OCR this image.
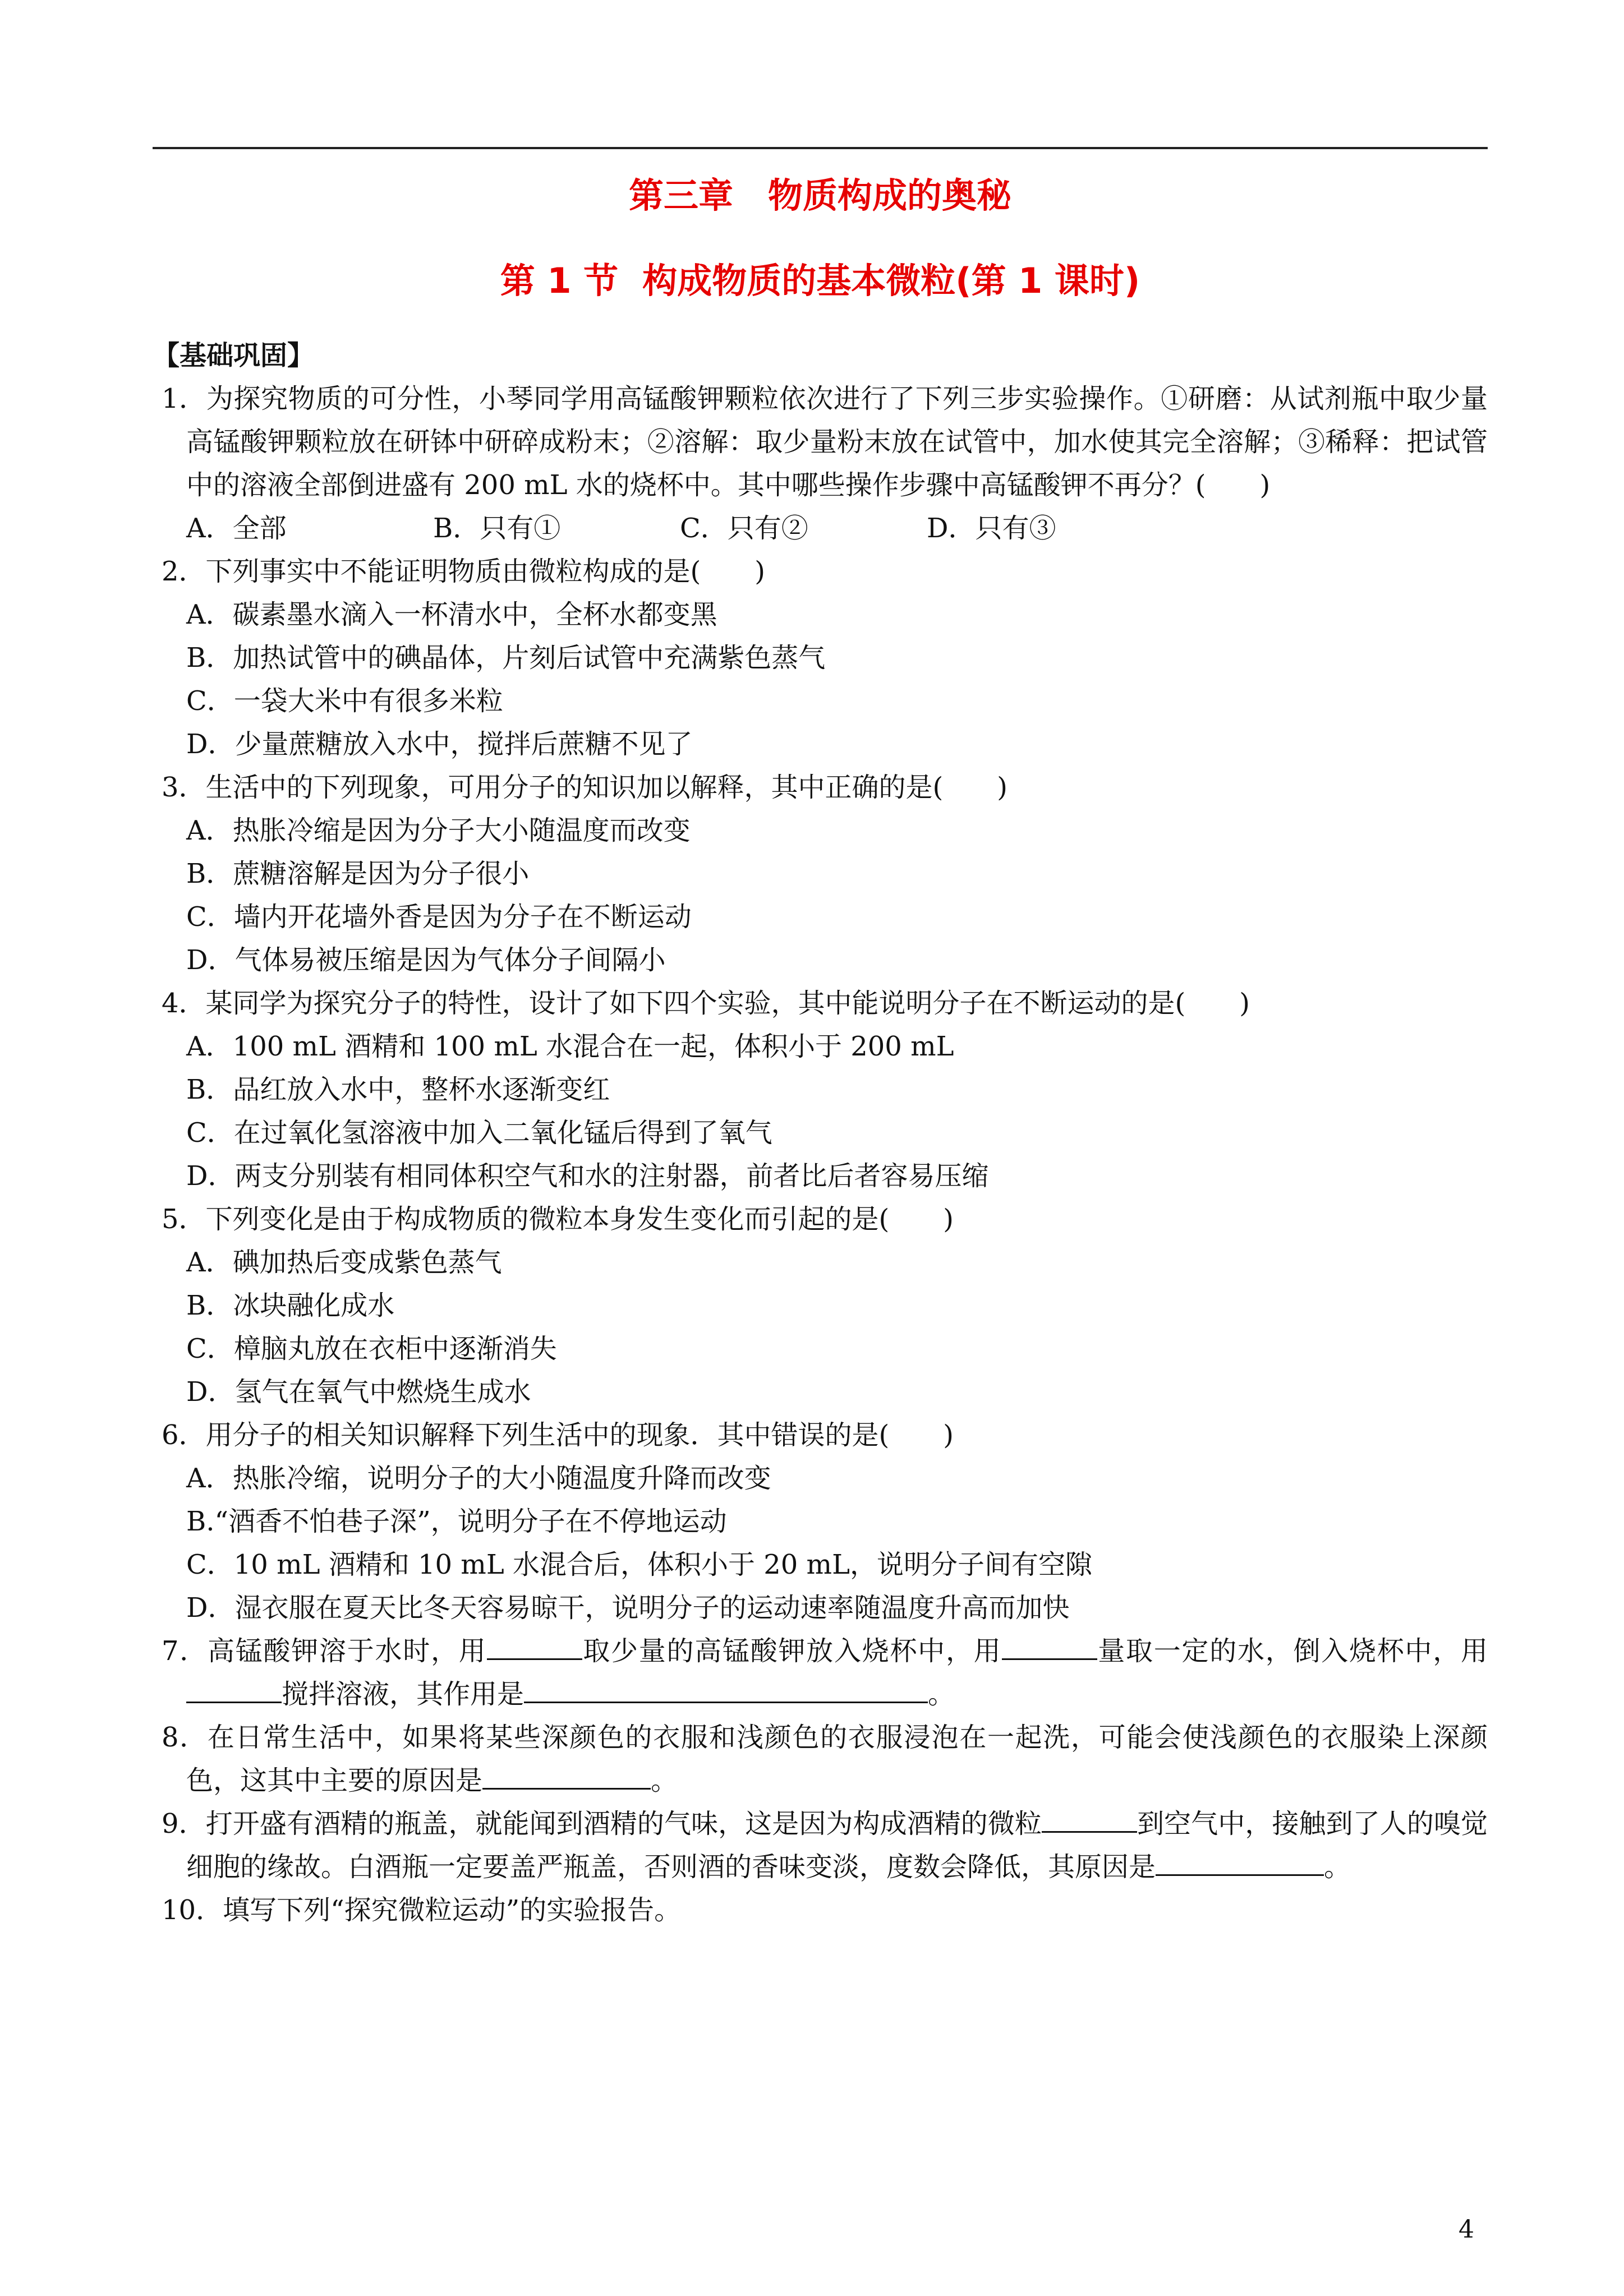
第三章　物质构成的奥秘
第 1 节  构成物质的基本微粒(第 1 课时)
【基础巩固】
1．为探究物质的可分性，小琴同学用高锰酸钾颗粒依次进行了下列三步实验操作。①研磨：从试剂瓶中取少量高锰酸钾颗粒放在研钵中研碎成粉末；②溶解：取少量粉末放在试管中，加水使其完全溶解；③稀释：把试管中的溶液全部倒进盛有 200 mL 水的烧杯中。其中哪些操作步骤中高锰酸钾不再分？(　　)
A．全部	B．只有①	C．只有②	D．只有③
2．下列事实中不能证明物质由微粒构成的是(　　)
A．碳素墨水滴入一杯清水中，全杯水都变黑
B．加热试管中的碘晶体，片刻后试管中充满紫色蒸气
C．一袋大米中有很多米粒
D．少量蔗糖放入水中，搅拌后蔗糖不见了
3．生活中的下列现象，可用分子的知识加以解释，其中正确的是(　　)
A．热胀冷缩是因为分子大小随温度而改变
B．蔗糖溶解是因为分子很小
C．墙内开花墙外香是因为分子在不断运动
D．气体易被压缩是因为气体分子间隔小
4．某同学为探究分子的特性，设计了如下四个实验，其中能说明分子在不断运动的是(　　)
A．100 mL 酒精和 100 mL 水混合在一起，体积小于 200 mL
B．品红放入水中，整杯水逐渐变红
C．在过氧化氢溶液中加入二氧化锰后得到了氧气
D．两支分别装有相同体积空气和水的注射器，前者比后者容易压缩
5．下列变化是由于构成物质的微粒本身发生变化而引起的是(　　)
A．碘加热后变成紫色蒸气
B．冰块融化成水
C．樟脑丸放在衣柜中逐渐消失
D．氢气在氧气中燃烧生成水
6．用分子的相关知识解释下列生活中的现象．其中错误的是(　　)
A．热胀冷缩，说明分子的大小随温度升降而改变
B.“酒香不怕巷子深”，说明分子在不停地运动
C．10 mL 酒精和 10 mL 水混合后，体积小于 20 mL，说明分子间有空隙
D．湿衣服在夏天比冬天容易晾干，说明分子的运动速率随温度升高而加快
7．高锰酸钾溶于水时，用	取少量的高锰酸钾放入烧杯中，用	量取一定的水，倒入烧杯中，用搅拌溶液，其作用是	。
8．在日常生活中，如果将某些深颜色的衣服和浅颜色的衣服浸泡在一起洗，可能会使浅颜色的衣服染上深颜色，这其中主要的原因是	。
9．打开盛有酒精的瓶盖，就能闻到酒精的气味，这是因为构成酒精的微粒	到空气中，接触到了人的嗅觉细胞的缘故。白酒瓶一定要盖严瓶盖，否则酒的香味变淡，度数会降低，其原因是	。
10．填写下列“探究微粒运动”的实验报告。
4
